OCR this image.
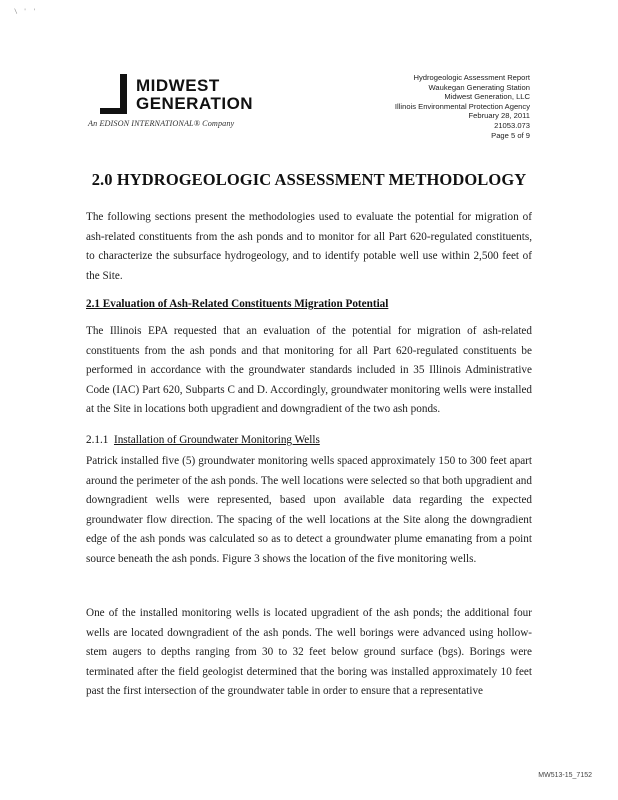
\ ' '
MIDWEST
GENERATION
An EDISON INTERNATIONAL® Company
Hydrogeologic Assessment Report
Waukegan Generating Station
Midwest Generation, LLC
Illinois Environmental Protection Agency
February 28, 2011
21053.073
Page 5 of 9
2.0 HYDROGEOLOGIC ASSESSMENT METHODOLOGY
The following sections present the methodologies used to evaluate the potential for migration of ash-related constituents from the ash ponds and to monitor for all Part 620-regulated constituents, to characterize the subsurface hydrogeology, and to identify potable well use within 2,500 feet of the Site.
2.1 Evaluation of Ash-Related Constituents Migration Potential
The Illinois EPA requested that an evaluation of the potential for migration of ash-related constituents from the ash ponds and that monitoring for all Part 620-regulated constituents be performed in accordance with the groundwater standards included in 35 Illinois Administrative Code (IAC) Part 620, Subparts C and D. Accordingly, groundwater monitoring wells were installed at the Site in locations both upgradient and downgradient of the two ash ponds.
2.1.1 Installation of Groundwater Monitoring Wells
Patrick installed five (5) groundwater monitoring wells spaced approximately 150 to 300 feet apart around the perimeter of the ash ponds. The well locations were selected so that both upgradient and downgradient wells were represented, based upon available data regarding the expected groundwater flow direction. The spacing of the well locations at the Site along the downgradient edge of the ash ponds was calculated so as to detect a groundwater plume emanating from a point source beneath the ash ponds. Figure 3 shows the location of the five monitoring wells.
One of the installed monitoring wells is located upgradient of the ash ponds; the additional four wells are located downgradient of the ash ponds. The well borings were advanced using hollow-stem augers to depths ranging from 30 to 32 feet below ground surface (bgs). Borings were terminated after the field geologist determined that the boring was installed approximately 10 feet past the first intersection of the groundwater table in order to ensure that a representative
MW513-15_7152
